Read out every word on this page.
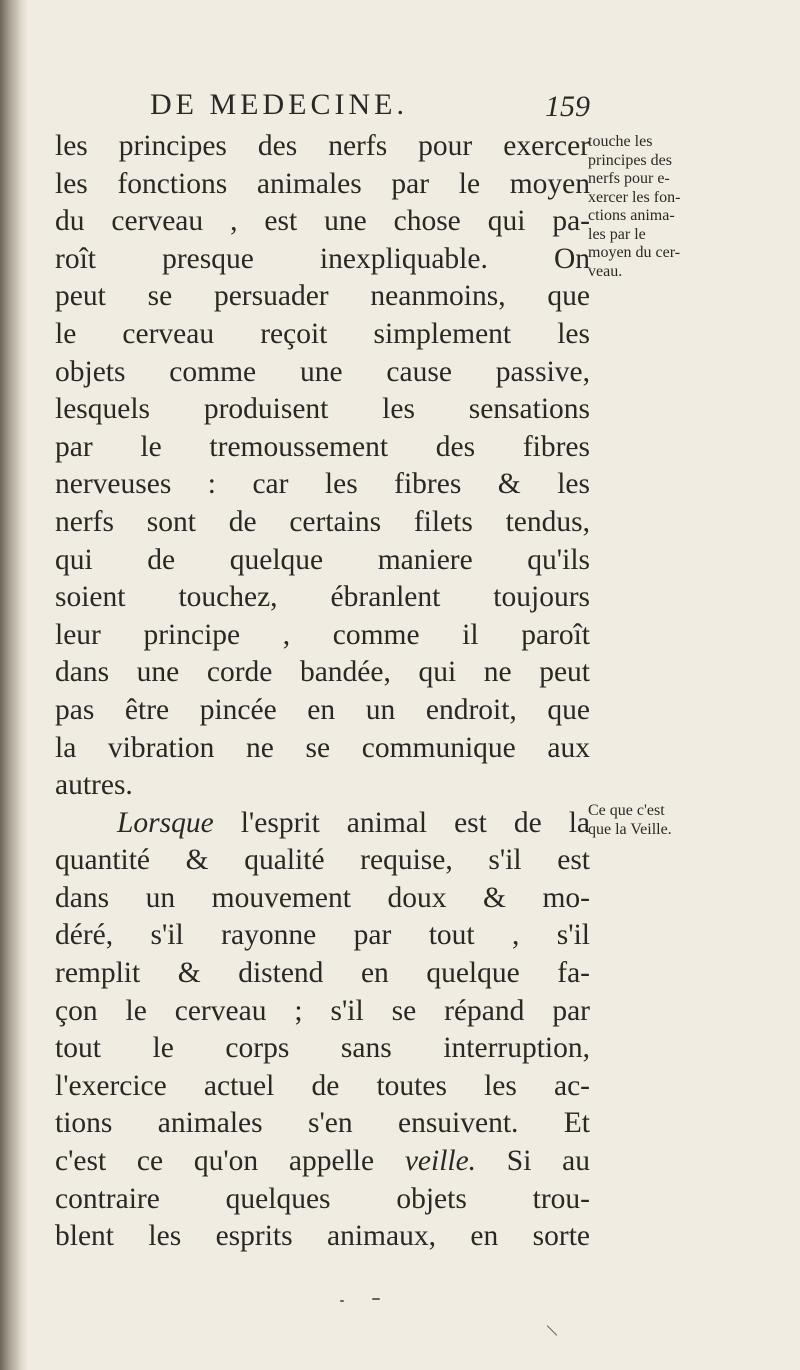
DE MEDECINE.	159
les principes des nerfs pour exercer
les fonctions animales par le moyen
du cerveau , est une chose qui pa-
roît presque inexpliquable. On
peut se persuader neanmoins, que
le cerveau reçoit simplement les
objets comme une cause passive,
lesquels produisent les sensations
par le tremoussement des fibres
nerveuses : car les fibres & les
nerfs sont de certains filets tendus,
qui de quelque maniere qu'ils
soient touchez, ébranlent toujours
leur principe , comme il paroît
dans une corde bandée, qui ne peut
pas être pincée en un endroit, que
la vibration ne se communique aux
autres.
Lorsque l'esprit animal est de la
quantité & qualité requise, s'il est
dans un mouvement doux & mo-
déré, s'il rayonne par tout , s'il
remplit & distend en quelque fa-
çon le cerveau ; s'il se répand par
tout le corps sans interruption,
l'exercice actuel de toutes les ac-
tions animales s'en ensuivent. Et
c'est ce qu'on appelle veille. Si au
contraire quelques objets trou-
blent les esprits animaux, en sorte
touche les
principes des
nerfs pour e-
xercer les fon-
ctions anima-
les par le
moyen du cer-
veau.
Ce que c'est
que la Veille.
